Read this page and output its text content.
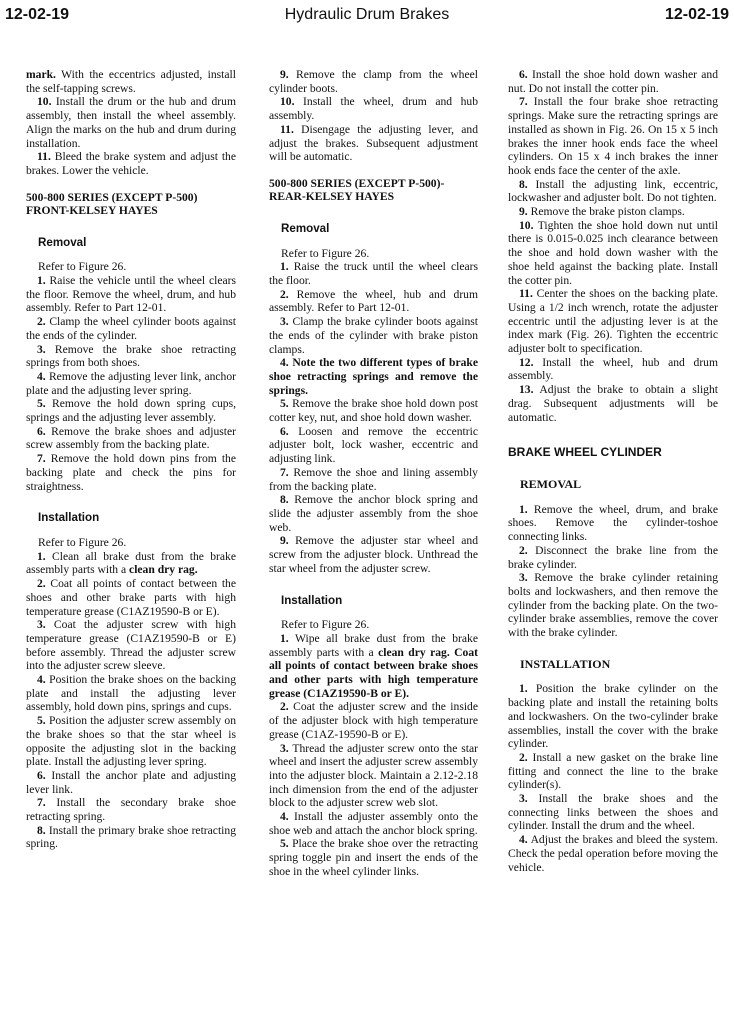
12-02-19	Hydraulic Drum Brakes	12-02-19

mark. With the eccentrics adjusted, install the self-tapping screws.

10. Install the drum or the hub and drum assembly, then install the wheel assembly. Align the marks on the hub and drum during installation.

11. Bleed the brake system and adjust the brakes. Lower the vehicle.

500-800 SERIES (EXCEPT P-500) FRONT-KELSEY HAYES
Removal

Refer to Figure 26.

1. Raise the vehicle until the wheel clears the floor. Remove the wheel, drum, and hub assembly. Refer to Part 12-01.

2. Clamp the wheel cylinder boots against the ends of the cylinder.

3. Remove the brake shoe retracting springs from both shoes.

4. Remove the adjusting lever link, anchor plate and the adjusting lever spring.

5. Remove the hold down spring cups, springs and the adjusting lever assembly.

6. Remove the brake shoes and adjuster screw assembly from the backing plate.

7. Remove the hold down pins from the backing plate and check the pins for straightness.

Installation

Refer to Figure 26.

1. Clean all brake dust from the brake assembly parts with a clean dry rag.

2. Coat all points of contact between the shoes and other brake parts with high temperature grease (C1AZ19590-B or E).

3. Coat the adjuster screw with high temperature grease (C1AZ19590-B or E) before assembly. Thread the adjuster screw into the adjuster screw sleeve.

4. Position the brake shoes on the backing plate and install the adjusting lever assembly, hold down pins, springs and cups.

5. Position the adjuster screw assembly on the brake shoes so that the star wheel is opposite the adjusting slot in the backing plate. Install the adjusting lever spring.

6. Install the anchor plate and adjusting lever link.

7. Install the secondary brake shoe retracting spring.

8. Install the primary brake shoe retracting spring.

9. Remove the clamp from the wheel cylinder boots.

10. Install the wheel, drum and hub assembly.

11. Disengage the adjusting lever, and adjust the brakes. Subsequent adjustment will be automatic.

500-800 SERIES (EXCEPT P-500)- REAR-KELSEY HAYES
Removal

Refer to Figure 26.

1. Raise the truck until the wheel clears the floor.

2. Remove the wheel, hub and drum assembly. Refer to Part 12-01.

3. Clamp the brake cylinder boots against the ends of the cylinder with brake piston clamps.

4. Note the two different types of brake shoe retracting springs and remove the springs.

5. Remove the brake shoe hold down post cotter key, nut, and shoe hold down washer.

6. Loosen and remove the eccentric adjuster bolt, lock washer, eccentric and adjusting link.

7. Remove the shoe and lining assembly from the backing plate.

8. Remove the anchor block spring and slide the adjuster assembly from the shoe web.

9. Remove the adjuster star wheel and screw from the adjuster block. Unthread the star wheel from the adjuster screw.

Installation

Refer to Figure 26.

1. Wipe all brake dust from the brake assembly parts with a clean dry rag. Coat all points of contact between brake shoes and other parts with high temperature grease (C1AZ19590-B or E).

2. Coat the adjuster screw and the inside of the adjuster block with high temperature grease (C1AZ-19590-B or E).

3. Thread the adjuster screw onto the star wheel and insert the adjuster screw assembly into the adjuster block. Maintain a 2.12-2.18 inch dimension from the end of the adjuster block to the adjuster screw web slot.

4. Install the adjuster assembly onto the shoe web and attach the anchor block spring.

5. Place the brake shoe over the retracting spring toggle pin and insert the ends of the shoe in the wheel cylinder links.

6. Install the shoe hold down washer and nut. Do not install the cotter pin.

7. Install the four brake shoe retracting springs. Make sure the retracting springs are installed as shown in Fig. 26. On 15 x 5 inch brakes the inner hook ends face the wheel cylinders. On 15 x 4 inch brakes the inner hook ends face the center of the axle.

8. Install the adjusting link, eccentric, lockwasher and adjuster bolt. Do not tighten.

9. Remove the brake piston clamps.

10. Tighten the shoe hold down nut until there is 0.015-0.025 inch clearance between the shoe and hold down washer with the shoe held against the backing plate. Install the cotter pin.

11. Center the shoes on the backing plate. Using a 1/2 inch wrench, rotate the adjuster eccentric until the adjusting lever is at the index mark (Fig. 26). Tighten the eccentric adjuster bolt to specification.

12. Install the wheel, hub and drum assembly.

13. Adjust the brake to obtain a slight drag. Subsequent adjustments will be automatic.

BRAKE WHEEL CYLINDER
REMOVAL

1. Remove the wheel, drum, and brake shoes. Remove the cylinder-toshoe connecting links.

2. Disconnect the brake line from the brake cylinder.

3. Remove the brake cylinder retaining bolts and lockwashers, and then remove the cylinder from the backing plate. On the two-cylinder brake assemblies, remove the cover with the brake cylinder.

INSTALLATION

1. Position the brake cylinder on the backing plate and install the retaining bolts and lockwashers. On the two-cylinder brake assemblies, install the cover with the brake cylinder.

2. Install a new gasket on the brake line fitting and connect the line to the brake cylinder(s).

3. Install the brake shoes and the connecting links between the shoes and cylinder. Install the drum and the wheel.

4. Adjust the brakes and bleed the system. Check the pedal operation before moving the vehicle.
